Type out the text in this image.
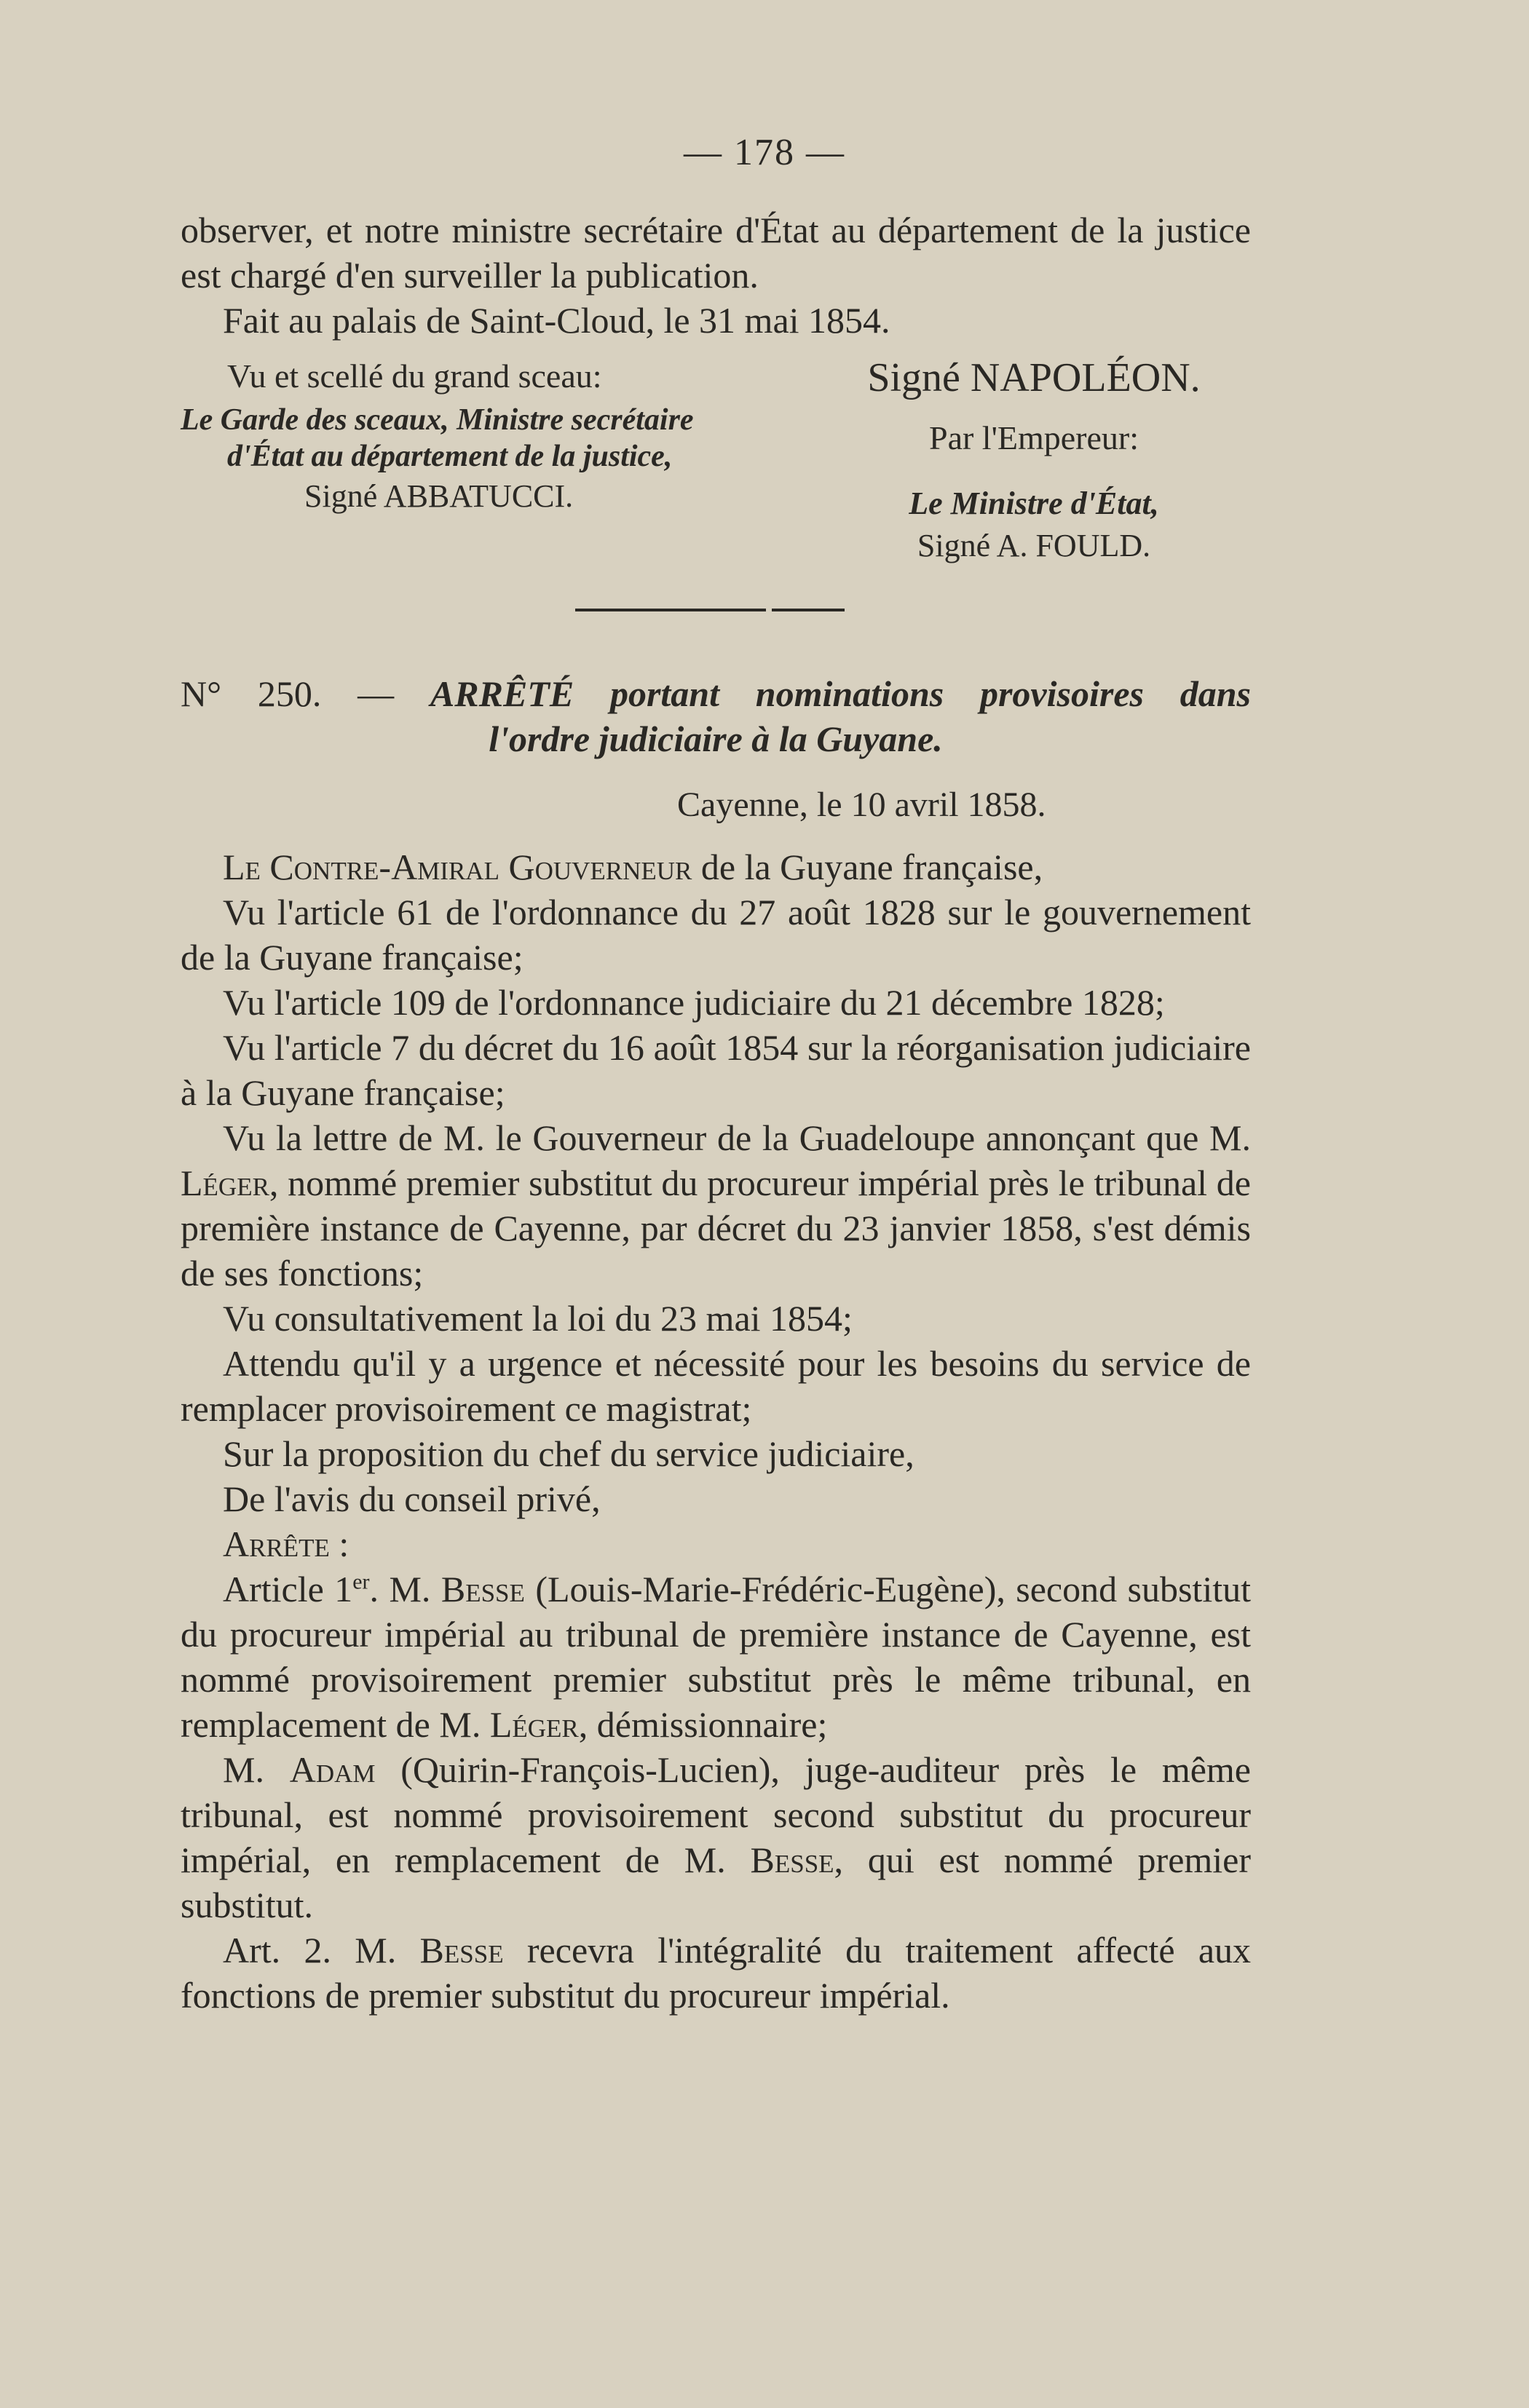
— 178 —

observer, et notre ministre secrétaire d'État au département de la justice est chargé d'en surveiller la publication.

Fait au palais de Saint-Cloud, le 31 mai 1854.

Vu et scellé du grand sceau:
Le Garde des sceaux, Ministre secrétaire d'État au département de la justice,
Signé ABBATUCCI.
Signé NAPOLÉON.
Par l'Empereur:
Le Ministre d'État,
Signé A. FOULD.
N° 250. — ARRÊTÉ portant nominations provisoires dans
l'ordre judiciaire à la Guyane.
Cayenne, le 10 avril 1858.

Le Contre-Amiral Gouverneur de la Guyane française,

Vu l'article 61 de l'ordonnance du 27 août 1828 sur le gouvernement de la Guyane française;

Vu l'article 109 de l'ordonnance judiciaire du 21 décembre 1828;

Vu l'article 7 du décret du 16 août 1854 sur la réorganisation judiciaire à la Guyane française;

Vu la lettre de M. le Gouverneur de la Guadeloupe annonçant que M. Léger, nommé premier substitut du procureur impérial près le tribunal de première instance de Cayenne, par décret du 23 janvier 1858, s'est démis de ses fonctions;

Vu consultativement la loi du 23 mai 1854;

Attendu qu'il y a urgence et nécessité pour les besoins du service de remplacer provisoirement ce magistrat;

Sur la proposition du chef du service judiciaire,

De l'avis du conseil privé,

Arrête :

Article 1er. M. Besse (Louis-Marie-Frédéric-Eugène), second substitut du procureur impérial au tribunal de première instance de Cayenne, est nommé provisoirement premier substitut près le même tribunal, en remplacement de M. Léger, démissionnaire;

M. Adam (Quirin-François-Lucien), juge-auditeur près le même tribunal, est nommé provisoirement second substitut du procureur impérial, en remplacement de M. Besse, qui est nommé premier substitut.

Art. 2. M. Besse recevra l'intégralité du traitement affecté aux fonctions de premier substitut du procureur impérial.
